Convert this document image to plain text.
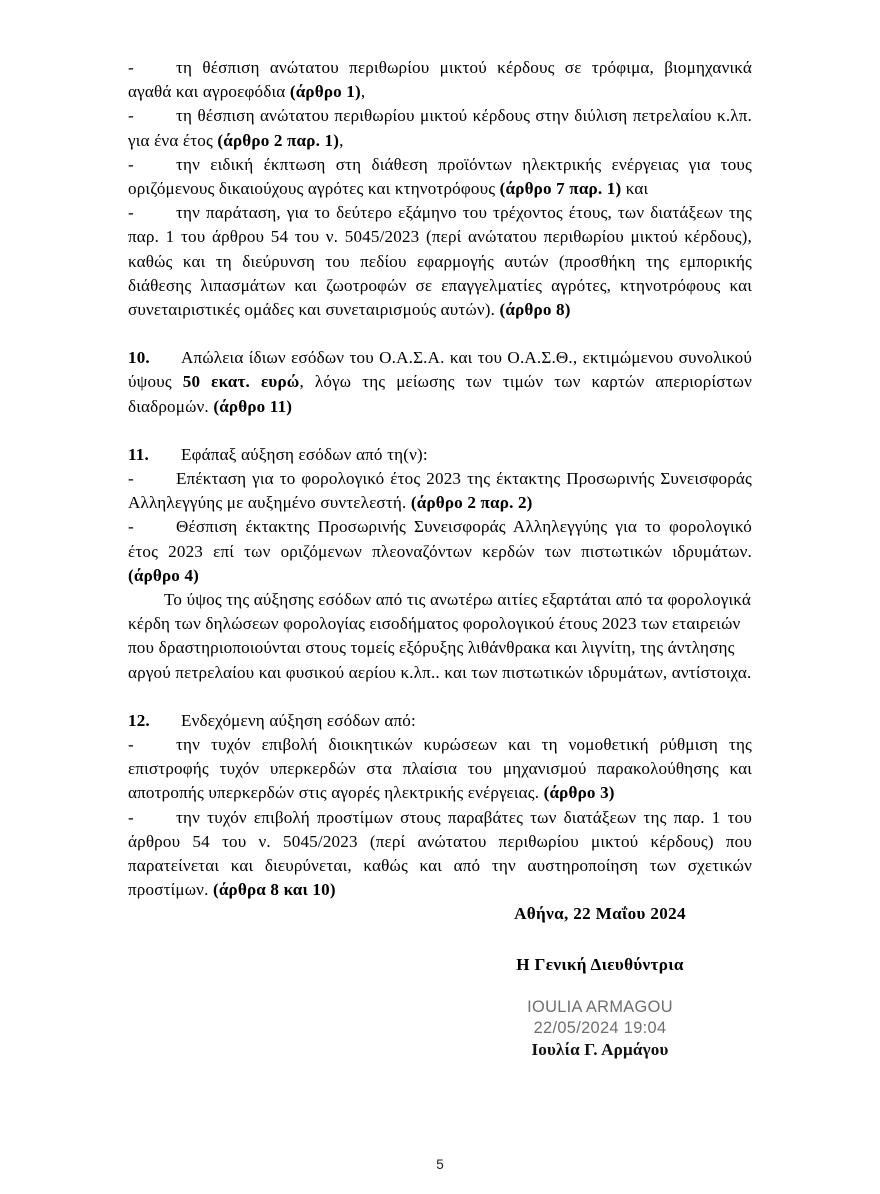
- τη θέσπιση ανώτατου περιθωρίου μικτού κέρδους σε τρόφιμα, βιομηχανικά αγαθά και αγροεφόδια (άρθρο 1),

- τη θέσπιση ανώτατου περιθωρίου μικτού κέρδους στην διύλιση πετρελαίου κ.λπ. για ένα έτος (άρθρο 2 παρ. 1),

- την ειδική έκπτωση στη διάθεση προϊόντων ηλεκτρικής ενέργειας για τους οριζόμενους δικαιούχους αγρότες και κτηνοτρόφους (άρθρο 7 παρ. 1) και

- την παράταση, για το δεύτερο εξάμηνο του τρέχοντος έτους, των διατάξεων της παρ. 1 του άρθρου 54 του ν. 5045/2023 (περί ανώτατου περιθωρίου μικτού κέρδους), καθώς και τη διεύρυνση του πεδίου εφαρμογής αυτών (προσθήκη της εμπορικής διάθεσης λιπασμάτων και ζωοτροφών σε επαγγελματίες αγρότες, κτηνοτρόφους και συνεταιριστικές ομάδες και συνεταιρισμούς αυτών). (άρθρο 8)

10. Απώλεια ίδιων εσόδων του Ο.Α.Σ.Α. και του Ο.Α.Σ.Θ., εκτιμώμενου συνολικού ύψους 50 εκατ. ευρώ, λόγω της μείωσης των τιμών των καρτών απεριορίστων διαδρομών. (άρθρο 11)

11. Εφάπαξ αύξηση εσόδων από τη(ν):

- Επέκταση για το φορολογικό έτος 2023 της έκτακτης Προσωρινής Συνεισφοράς Αλληλεγγύης με αυξημένο συντελεστή. (άρθρο 2 παρ. 2)

- Θέσπιση έκτακτης Προσωρινής Συνεισφοράς Αλληλεγγύης για το φορολογικό έτος 2023 επί των οριζόμενων πλεοναζόντων κερδών των πιστωτικών ιδρυμάτων. (άρθρο 4)

Το ύψος της αύξησης εσόδων από τις ανωτέρω αιτίες εξαρτάται από τα φορολογικά κέρδη των δηλώσεων φορολογίας εισοδήματος φορολογικού έτους 2023 των εταιρειών που δραστηριοποιούνται στους τομείς εξόρυξης λιθάνθρακα και λιγνίτη, της άντλησης αργού πετρελαίου και φυσικού αερίου κ.λπ.. και των πιστωτικών ιδρυμάτων, αντίστοιχα.

12. Ενδεχόμενη αύξηση εσόδων από:

- την τυχόν επιβολή διοικητικών κυρώσεων και τη νομοθετική ρύθμιση της επιστροφής τυχόν υπερκερδών στα πλαίσια του μηχανισμού παρακολούθησης και αποτροπής υπερκερδών στις αγορές ηλεκτρικής ενέργειας. (άρθρο 3)

- την τυχόν επιβολή προστίμων στους παραβάτες των διατάξεων της παρ. 1 του άρθρου 54 του ν. 5045/2023 (περί ανώτατου περιθωρίου μικτού κέρδους) που παρατείνεται και διευρύνεται, καθώς και από την αυστηροποίηση των σχετικών προστίμων. (άρθρα 8 και 10)

Αθήνα, 22 Μαΐου 2024
Η Γενική Διευθύντρια
IOULIA ARMAGOU
22/05/2024 19:04
Ιουλία Γ. Αρμάγου
5
